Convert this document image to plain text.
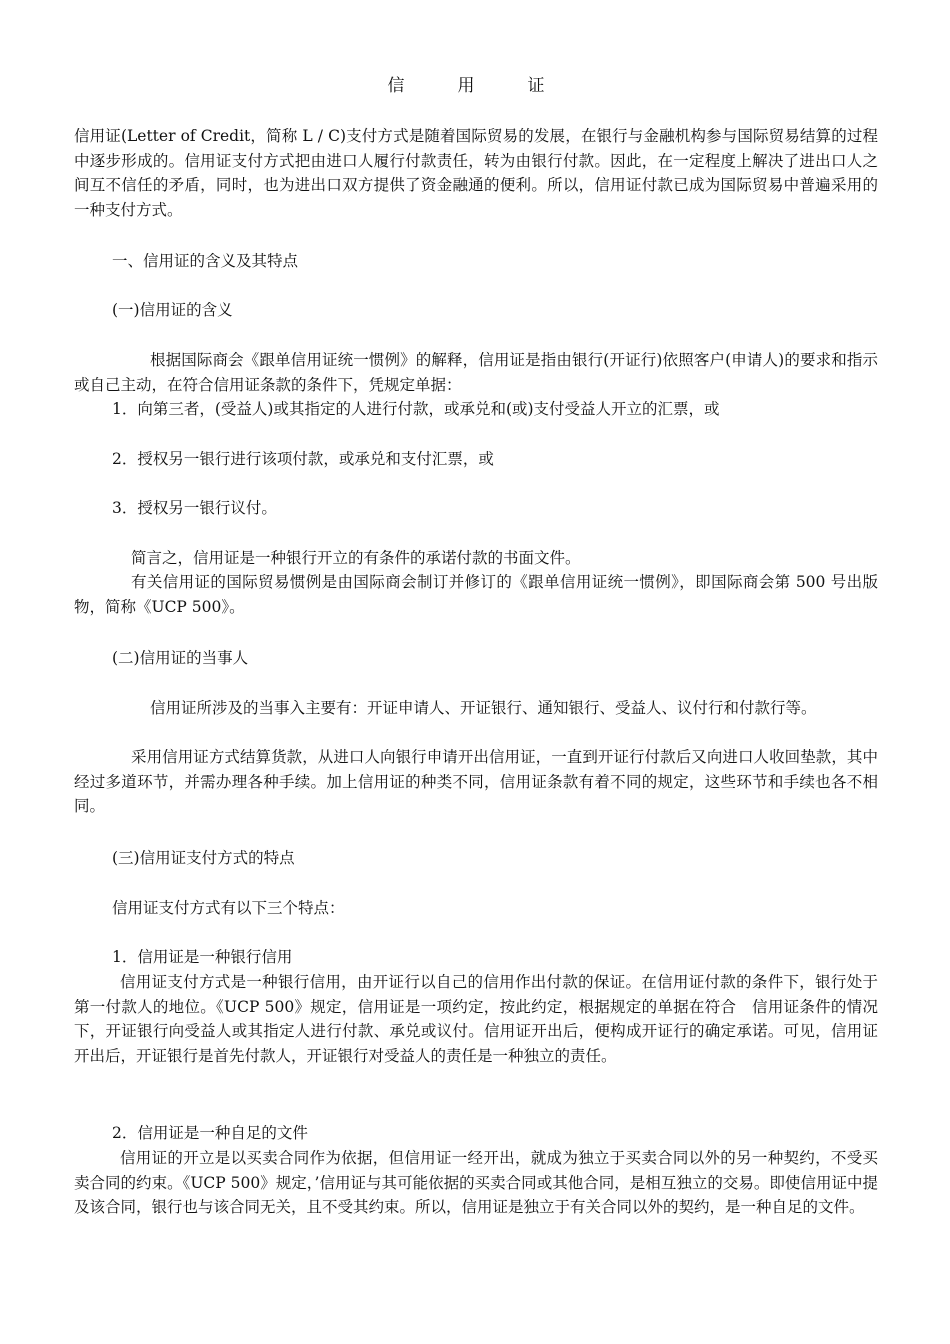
信　用　证
信用证(Letter of Credit，简称 L / C)支付方式是随着国际贸易的发展，在银行与金融机构参与国际贸易结算的过程中逐步形成的。信用证支付方式把由进口人履行付款责任，转为由银行付款。因此，在一定程度上解决了进出口人之间互不信任的矛盾，同时，也为进出口双方提供了资金融通的便利。所以，信用证付款已成为国际贸易中普遍采用的一种支付方式。
一、信用证的含义及其特点
(一)信用证的含义
根据国际商会《跟单信用证统一惯例》的解释，信用证是指由银行(开证行)依照客户(申请人)的要求和指示或自己主动，在符合信用证条款的条件下，凭规定单据：
1．向第三者，(受益人)或其指定的人进行付款，或承兑和(或)支付受益人开立的汇票，或
2．授权另一银行进行该项付款，或承兑和支付汇票，或
3．授权另一银行议付。
简言之，信用证是一种银行开立的有条件的承诺付款的书面文件。
有关信用证的国际贸易惯例是由国际商会制订并修订的《跟单信用证统一惯例》，即国际商会第 500 号出版物，简称《UCP 500》。
(二)信用证的当事人
信用证所涉及的当事入主要有：开证申请人、开证银行、通知银行、受益人、议付行和付款行等。
采用信用证方式结算货款，从进口人向银行申请开出信用证，一直到开证行付款后又向进口人收回垫款，其中经过多道环节，并需办理各种手续。加上信用证的种类不同，信用证条款有着不同的规定，这些环节和手续也各不相同。
(三)信用证支付方式的特点
信用证支付方式有以下三个特点：
1．信用证是一种银行信用
信用证支付方式是一种银行信用，由开证行以自己的信用作出付款的保证。在信用证付款的条件下，银行处于第一付款人的地位。《UCP 500》规定，信用证是一项约定，按此约定，根据规定的单据在符合　信用证条件的情况下，开证银行向受益人或其指定人进行付款、承兑或议付。信用证开出后，便构成开证行的确定承诺。可见，信用证开出后，开证银行是首先付款人，开证银行对受益人的责任是一种独立的责任。
2．信用证是一种自足的文件
信用证的开立是以买卖合同作为依据，但信用证一经开出，就成为独立于买卖合同以外的另一种契约，不受买卖合同的约束。《UCP 500》规定，’信用证与其可能依据的买卖合同或其他合同，是相互独立的交易。即使信用证中提及该合同，银行也与该合同无关，且不受其约束。所以，信用证是独立于有关合同以外的契约，是一种自足的文件。
